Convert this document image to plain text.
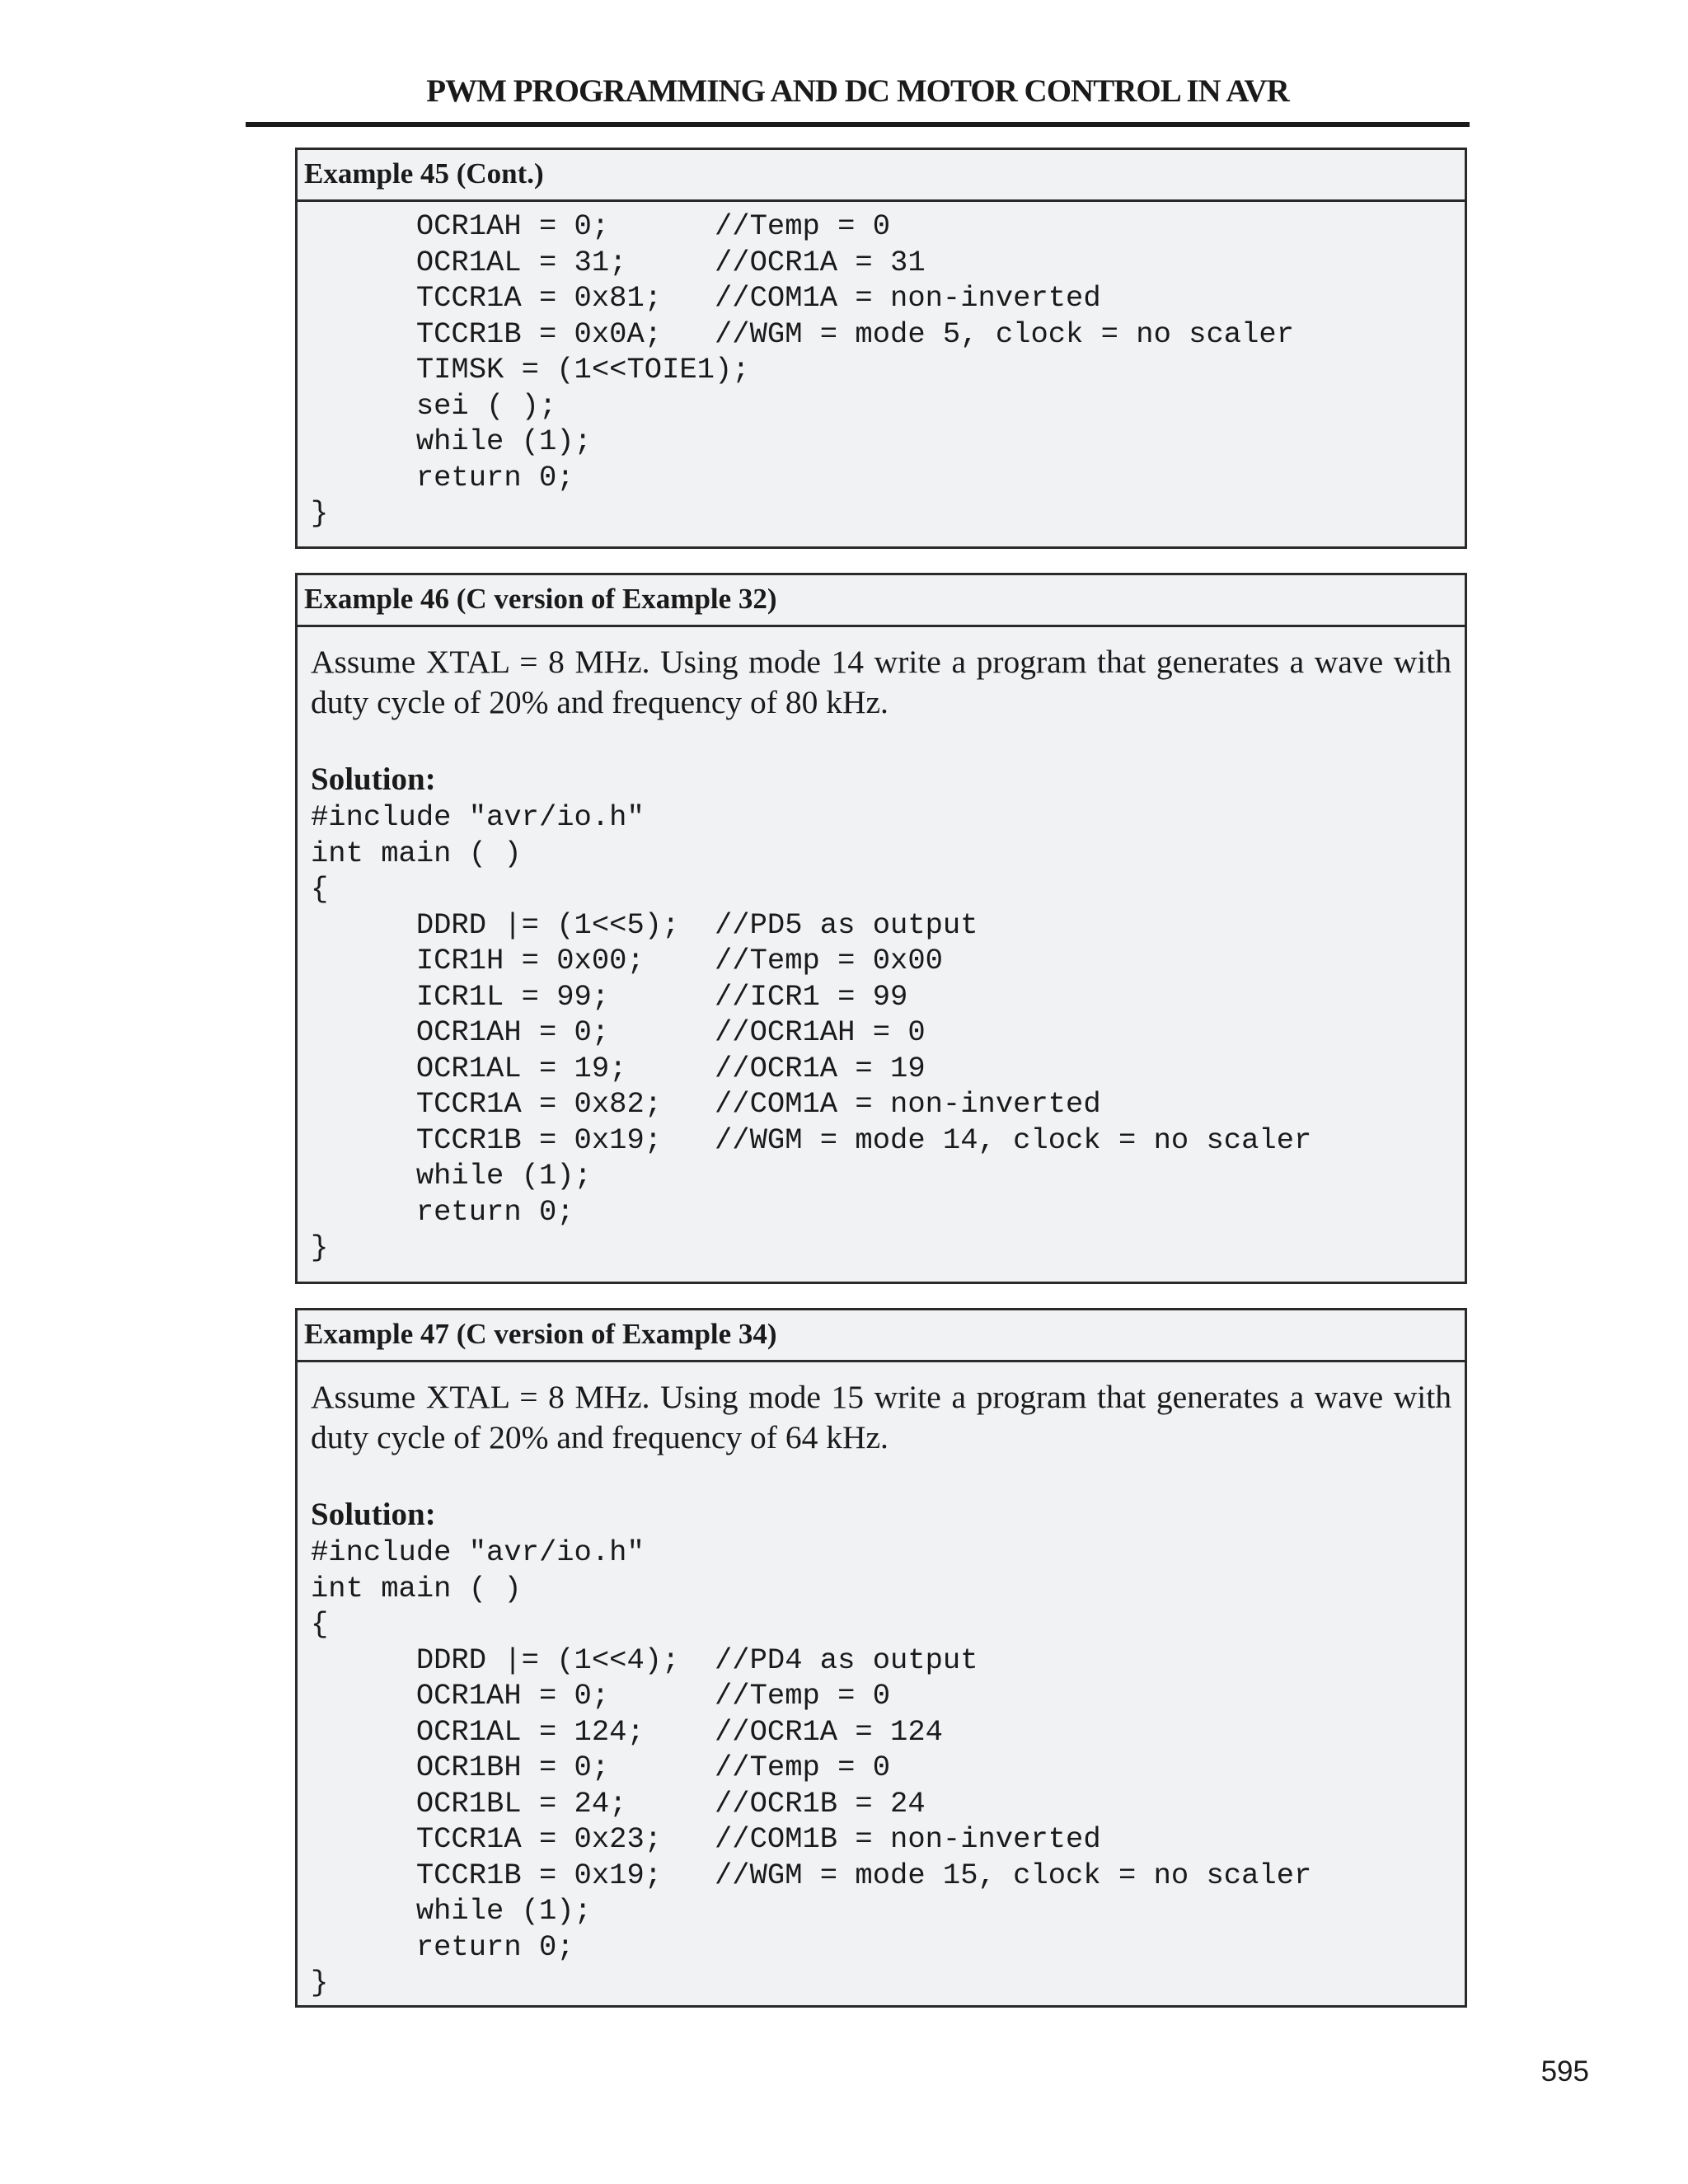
PWM PROGRAMMING AND DC MOTOR CONTROL IN AVR
Example 45 (Cont.)
OCR1AH = 0;      //Temp = 0
OCR1AL = 31;     //OCR1A = 31
TCCR1A = 0x81;   //COM1A = non-inverted
TCCR1B = 0x0A;   //WGM = mode 5, clock = no scaler
TIMSK = (1<<TOIE1);
sei ( );
while (1);
return 0;
}
Example 46 (C version of Example 32)

Assume XTAL = 8 MHz. Using mode 14 write a program that generates a wave with duty cycle of 20% and frequency of 80 kHz.

Solution:
#include "avr/io.h"
int main ( )
{
DDRD |= (1<<5);  //PD5 as output
ICR1H = 0x00;    //Temp = 0x00
ICR1L = 99;      //ICR1 = 99
OCR1AH = 0;      //OCR1AH = 0
OCR1AL = 19;     //OCR1A = 19
TCCR1A = 0x82;   //COM1A = non-inverted
TCCR1B = 0x19;   //WGM = mode 14, clock = no scaler
while (1);
return 0;
}
Example 47 (C version of Example 34)

Assume XTAL = 8 MHz. Using mode 15 write a program that generates a wave with duty cycle of 20% and frequency of 64 kHz.

Solution:
#include "avr/io.h"
int main ( )
{
DDRD |= (1<<4);  //PD4 as output
OCR1AH = 0;      //Temp = 0
OCR1AL = 124;    //OCR1A = 124
OCR1BH = 0;      //Temp = 0
OCR1BL = 24;     //OCR1B = 24
TCCR1A = 0x23;   //COM1B = non-inverted
TCCR1B = 0x19;   //WGM = mode 15, clock = no scaler
while (1);
return 0;
}
595
